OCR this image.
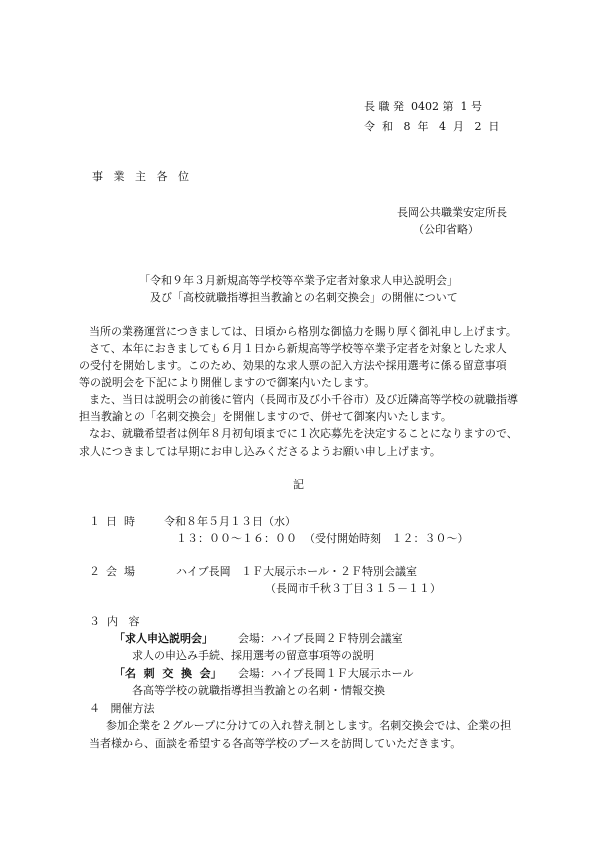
長 職 発  0402 第  1 号
令  和   8  年   4  月   2  日
事   業   主   各   位
長岡公共職業安定所長
（公印省略）
「令和９年３月新規高等学校等卒業予定者対象求人申込説明会」
及び「高校就職指導担当教諭との名刺交換会」の開催について
当所の業務運営につきましては、日頃から格別な御協力を賜り厚く御礼申し上げます。
さて、本年におきましても６月１日から新規高等学校等卒業予定者を対象とした求人
の受付を開始します。このため、効果的な求人票の記入方法や採用選考に係る留意事項
等の説明会を下記により開催しますので御案内いたします。
また、当日は説明会の前後に管内（長岡市及び小千谷市）及び近隣高等学校の就職指導
担当教諭との「名刺交換会」を開催しますので、併せて御案内いたします。
なお、就職希望者は例年８月初旬頃までに１次応募先を決定することになりますので、
求人につきましては早期にお申し込みくださるようお願い申し上げます。
記
１ 日  時	令和８年５月１３日（水）
１３：００～１６：００  （受付開始時刻   １２：３０～）
２ 会  場	ハイブ長岡   １Ｆ大展示ホール・２Ｆ特別会議室
（長岡市千秋３丁目３１５－１１）
３  内   容
「求人申込説明会」 会場：ハイブ長岡２Ｆ特別会議室
求人の申込み手続、採用選考の留意事項等の説明
「名  刺  交  換  会」 会場：ハイブ長岡１Ｆ大展示ホール
各高等学校の就職指導担当教諭との名刺・情報交換
４   開催方法
参加企業を２グループに分けての入れ替え制とします。名刺交換会では、企業の担
当者様から、面談を希望する各高等学校のブースを訪問していただきます。
